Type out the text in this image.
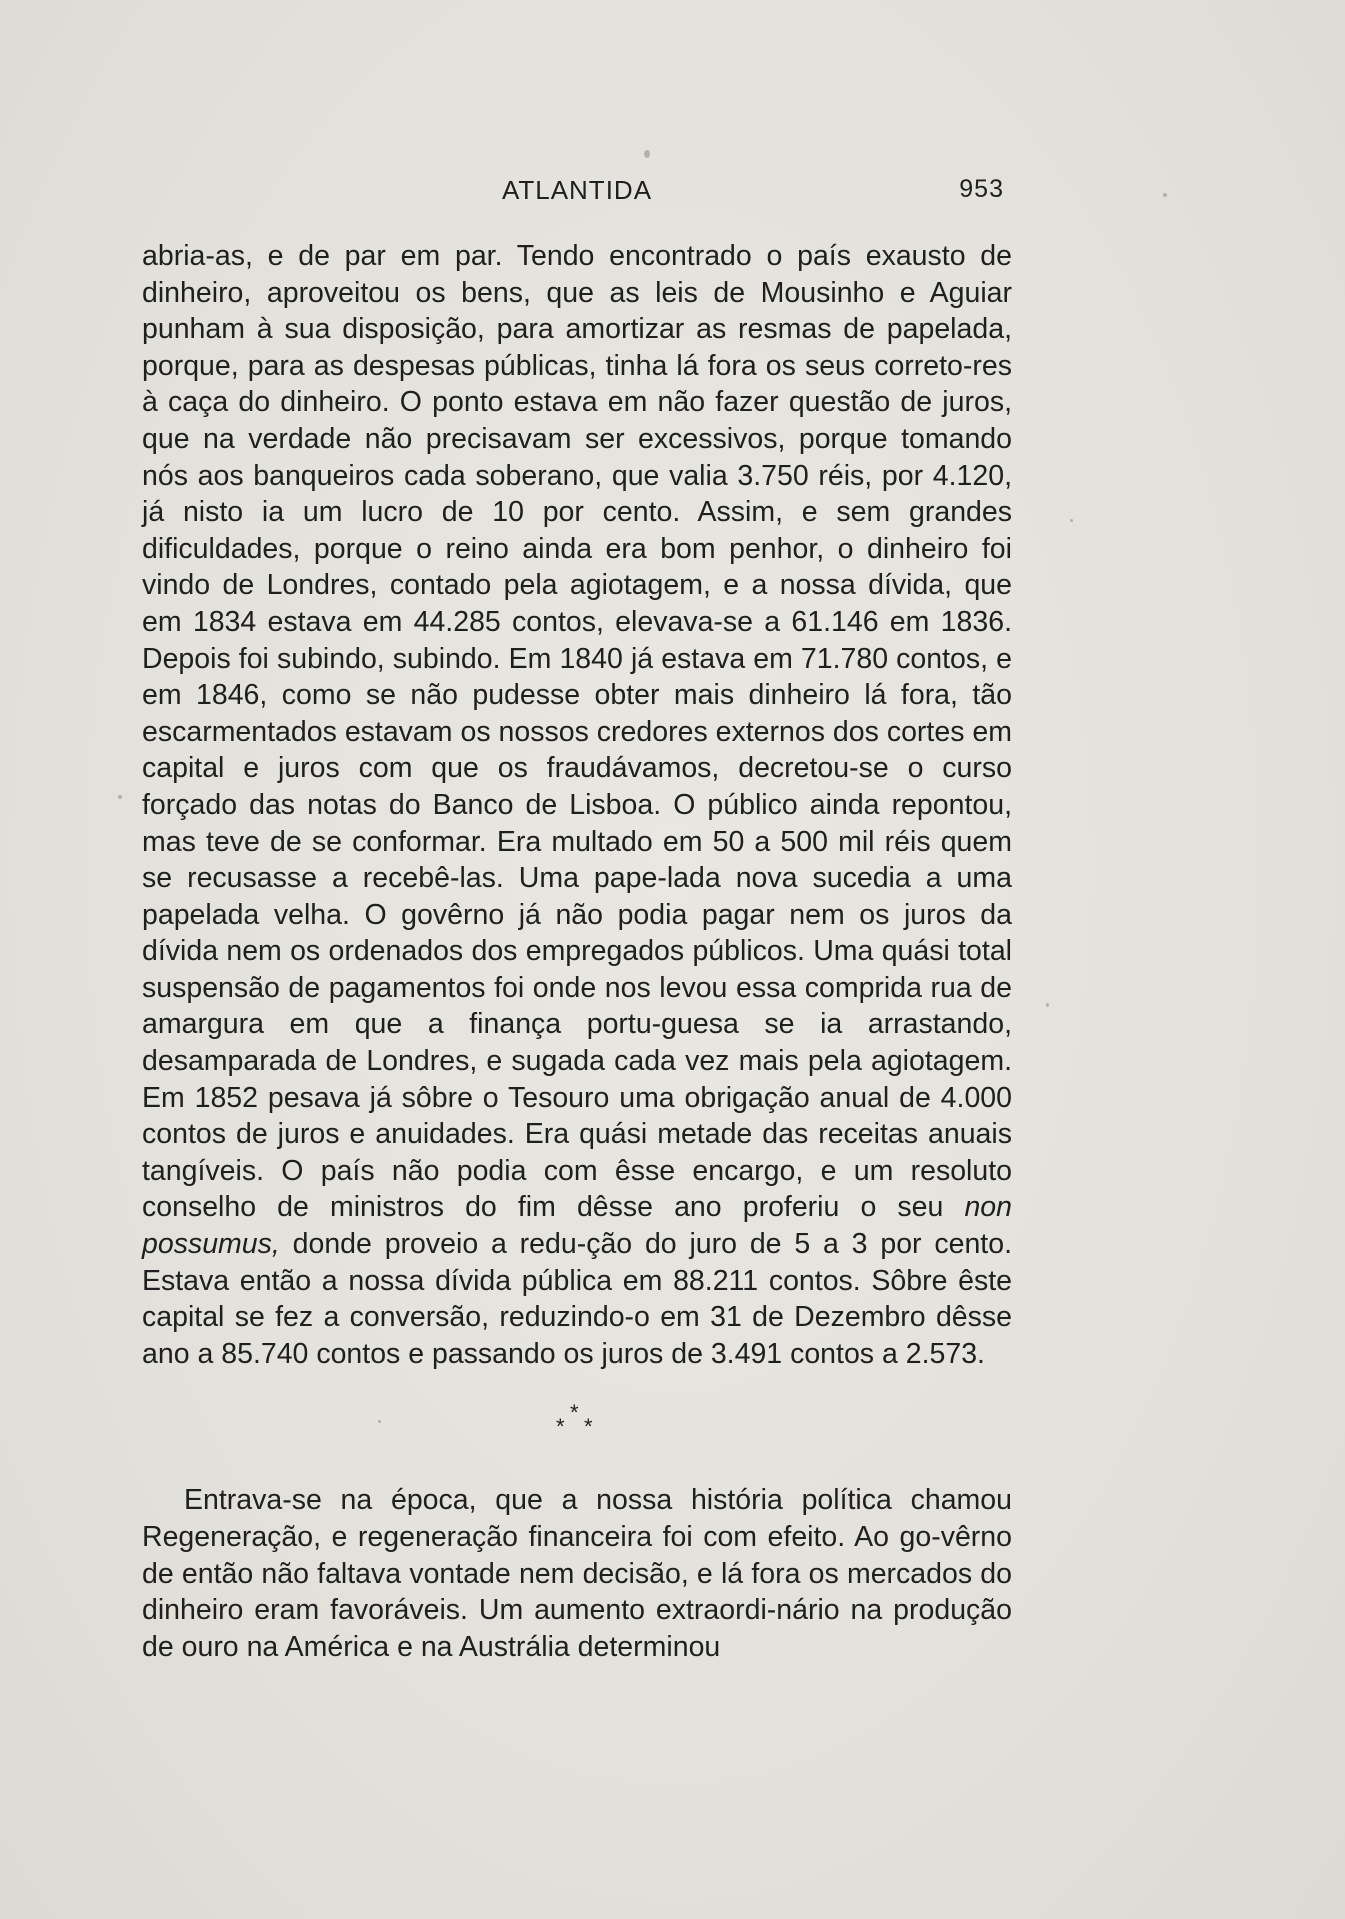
ATLANTIDA	953

abria-as, e de par em par. Tendo encontrado o país exausto de dinheiro, aproveitou os bens, que as leis de Mousinho e Aguiar punham à sua disposição, para amortizar as resmas de papelada, porque, para as despesas públicas, tinha lá fora os seus correto-res à caça do dinheiro. O ponto estava em não fazer questão de juros, que na verdade não precisavam ser excessivos, porque tomando nós aos banqueiros cada soberano, que valia 3.750 réis, por 4.120, já nisto ia um lucro de 10 por cento. Assim, e sem grandes dificuldades, porque o reino ainda era bom penhor, o dinheiro foi vindo de Londres, contado pela agiotagem, e a nossa dívida, que em 1834 estava em 44.285 contos, elevava-se a 61.146 em 1836. Depois foi subindo, subindo. Em 1840 já estava em 71.780 contos, e em 1846, como se não pudesse obter mais dinheiro lá fora, tão escarmentados estavam os nossos credores externos dos cortes em capital e juros com que os fraudávamos, decretou-se o curso forçado das notas do Banco de Lisboa. O público ainda repontou, mas teve de se conformar. Era multado em 50 a 500 mil réis quem se recusasse a recebê-las. Uma pape-lada nova sucedia a uma papelada velha. O govêrno já não podia pagar nem os juros da dívida nem os ordenados dos empregados públicos. Uma quási total suspensão de pagamentos foi onde nos levou essa comprida rua de amargura em que a finança portu-guesa se ia arrastando, desamparada de Londres, e sugada cada vez mais pela agiotagem. Em 1852 pesava já sôbre o Tesouro uma obrigação anual de 4.000 contos de juros e anuidades. Era quási metade das receitas anuais tangíveis. O país não podia com êsse encargo, e um resoluto conselho de ministros do fim dêsse ano proferiu o seu non possumus, donde proveio a redu-ção do juro de 5 a 3 por cento. Estava então a nossa dívida pública em 88.211 contos. Sôbre êste capital se fez a conversão, reduzindo-o em 31 de Dezembro dêsse ano a 85.740 contos e passando os juros de 3.491 contos a 2.573.

*
* *

Entrava-se na época, que a nossa história política chamou Regeneração, e regeneração financeira foi com efeito. Ao go-vêrno de então não faltava vontade nem decisão, e lá fora os mercados do dinheiro eram favoráveis. Um aumento extraordi-nário na produção de ouro na América e na Austrália determinou
